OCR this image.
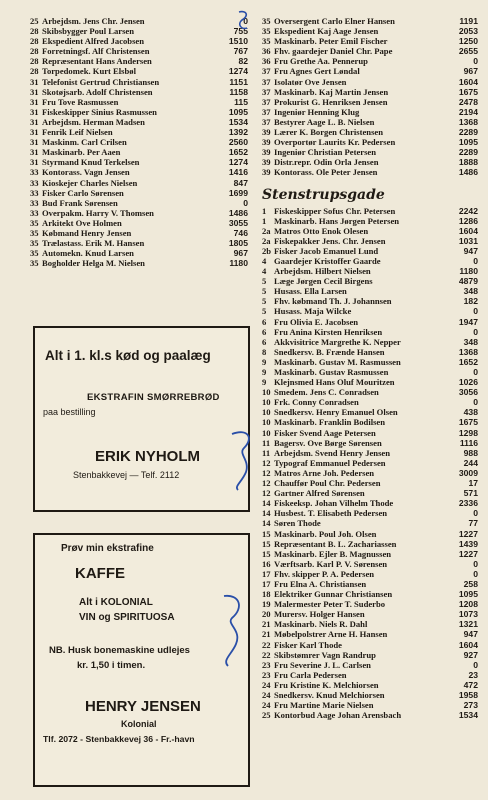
25 Arbejdsm. Jens Chr. Jensen	0
28 Skibsbygger Poul Larsen	755
28 Ekspedient Alfred Jacobsen	1510
28 Forretningsf. Alf Christensen	767
28 Repræsentant Hans Andersen	82
28 Torpedomek. Kurt Elsbøl	1274
31 Telefonist Gertrud Christiansen	1151
31 Skotøjsarb. Adolf Christensen	1158
31 Fru Tove Rasmussen	115
31 Fiskeskipper Sinius Rasmussen	1095
31 Arbejdsm. Herman Madsen	1534
31 Fenrik Leif Nielsen	1392
31 Maskinm. Carl Crilsen	2560
31 Maskinarb. Per Aaen	1652
31 Styrmand Knud Terkelsen	1274
33 Kontorass. Vagn Jensen	1416
33 Kioskejer Charles Nielsen	847
33 Fisker Carlo Sørensen	1699
33 Bud Frank Sørensen	0
33 Overpakm. Harry V. Thomsen	1486
35 Arkitekt Ove Holmen	3055
35 Købmand Henry Jensen	746
35 Trælastass. Erik M. Hansen	1805
35 Automekn. Knud Larsen	967
35 Bogholder Helga M. Nielsen	1180
35 Oversergent Carlo Elner Hansen	1191
35 Ekspedient Kaj Aage Jensen	2053
35 Maskinarb. Peter Emil Fischer	1250
36 Fhv. gaardejer Daniel Chr. Pape	2655
36 Fru Grethe Aa. Pennerup	0
37 Fru Agnes Gert Løndal	967
37 Isolatør Ove Jensen	1604
37 Maskinarb. Kaj Martin Jensen	1675
37 Prokurist G. Henriksen Jensen	2478
37 Ingeniør Henning Klug	2194
37 Bestyrer Aage L. B. Nielsen	1368
39 Lærer K. Borgen Christensen	2289
39 Overportør Laurits Kr. Pedersen	1095
39 Ingeniør Christian Petersen	2289
39 Distr.repr. Odin Orla Jensen	1888
39 Kontorass. Ole Peter Jensen	1486
Stenstrupsgade
1 Fiskeskipper Sofus Chr. Petersen	2242
1 Maskinarb. Hans Jørgen Petersen	1286
2a Matros Otto Enok Olesen	1604
2a Fiskepakker Jens. Chr. Jensen	1031
2b Fisker Jacob Emanuel Lund	947
4 Gaardejer Kristoffer Gaarde	0
4 Arbejdsm. Hilbert Nielsen	1180
5 Læge Jørgen Cecil Birgens	4879
5 Husass. Ella Larsen	348
5 Fhv. købmand Th. J. Johannsen	182
5 Husass. Maja Wilcke	0
6 Fru Olivia E. Jacobsen	1947
6 Fru Anina Kirsten Henriksen	0
6 Akkvisitrice Margrethe K. Nepper	348
8 Snedkersv. B. Frænde Hansen	1368
9 Maskinarb. Gustav M. Rasmussen	1652
9 Maskinarb. Gustav Rasmussen	0
9 Klejnsmed Hans Oluf Mouritzen	1026
10 Smedem. Jens C. Conradsen	3056
10 Frk. Conny Conradsen	0
10 Snedkersv. Henry Emanuel Olsen	438
10 Maskinarb. Franklin Bodilsen	1675
10 Fisker Svend Aage Petersen	1298
11 Bagersv. Ove Børge Sørensen	1116
11 Arbejdsm. Svend Henry Jensen	988
12 Typograf Emmanuel Pedersen	244
12 Matros Arne Joh. Pedersen	3009
12 Chauffør Poul Chr. Pedersen	17
12 Gartner Alfred Sørensen	571
14 Fiskeeksp. Johan Vilhelm Thode	2336
14 Husbest. T. Elisabeth Pedersen	0
14 Søren Thode	77
15 Maskinarb. Poul Joh. Olsen	1227
15 Repræsentant B. L. Zachariassen	1439
15 Maskinarb. Ejler B. Magnussen	1227
16 Værftsarb. Karl P. V. Sørensen	0
17 Fhv. skipper P. A. Pedersen	0
17 Fru Elna A. Christiansen	258
18 Elektriker Gunnar Christiansen	1095
19 Malermester Peter T. Suderbo	1208
20 Murersv. Holger Hansen	1073
21 Maskinarb. Niels R. Dahl	1321
21 Møbelpolstrer Arne H. Hansen	947
22 Fisker Karl Thode	1604
22 Skibstømrer Vagn Randrup	927
23 Fru Severine J. L. Carlsen	0
23 Fru Carla Pedersen	23
24 Fru Kristine K. Melchiorsen	472
24 Snedkersv. Knud Melchiorsen	1958
24 Fru Martine Marie Nielsen	273
25 Kontorbud Aage Johan Arensbach	1534
Alt i 1. kl.s kød og paalæg
EKSTRAFIN SMØRREBRØD
paa bestilling
ERIK NYHOLM
Stenbakkevej — Telf. 2112
Prøv min ekstrafine
KAFFE
Alt i KOLONIAL
VIN og SPIRITUOSA
NB. Husk bonemaskine udlejes
kr. 1,50 i timen.
HENRY JENSEN
Kolonial
Tlf. 2072 - Stenbakkevej 36 - Fr.-havn
